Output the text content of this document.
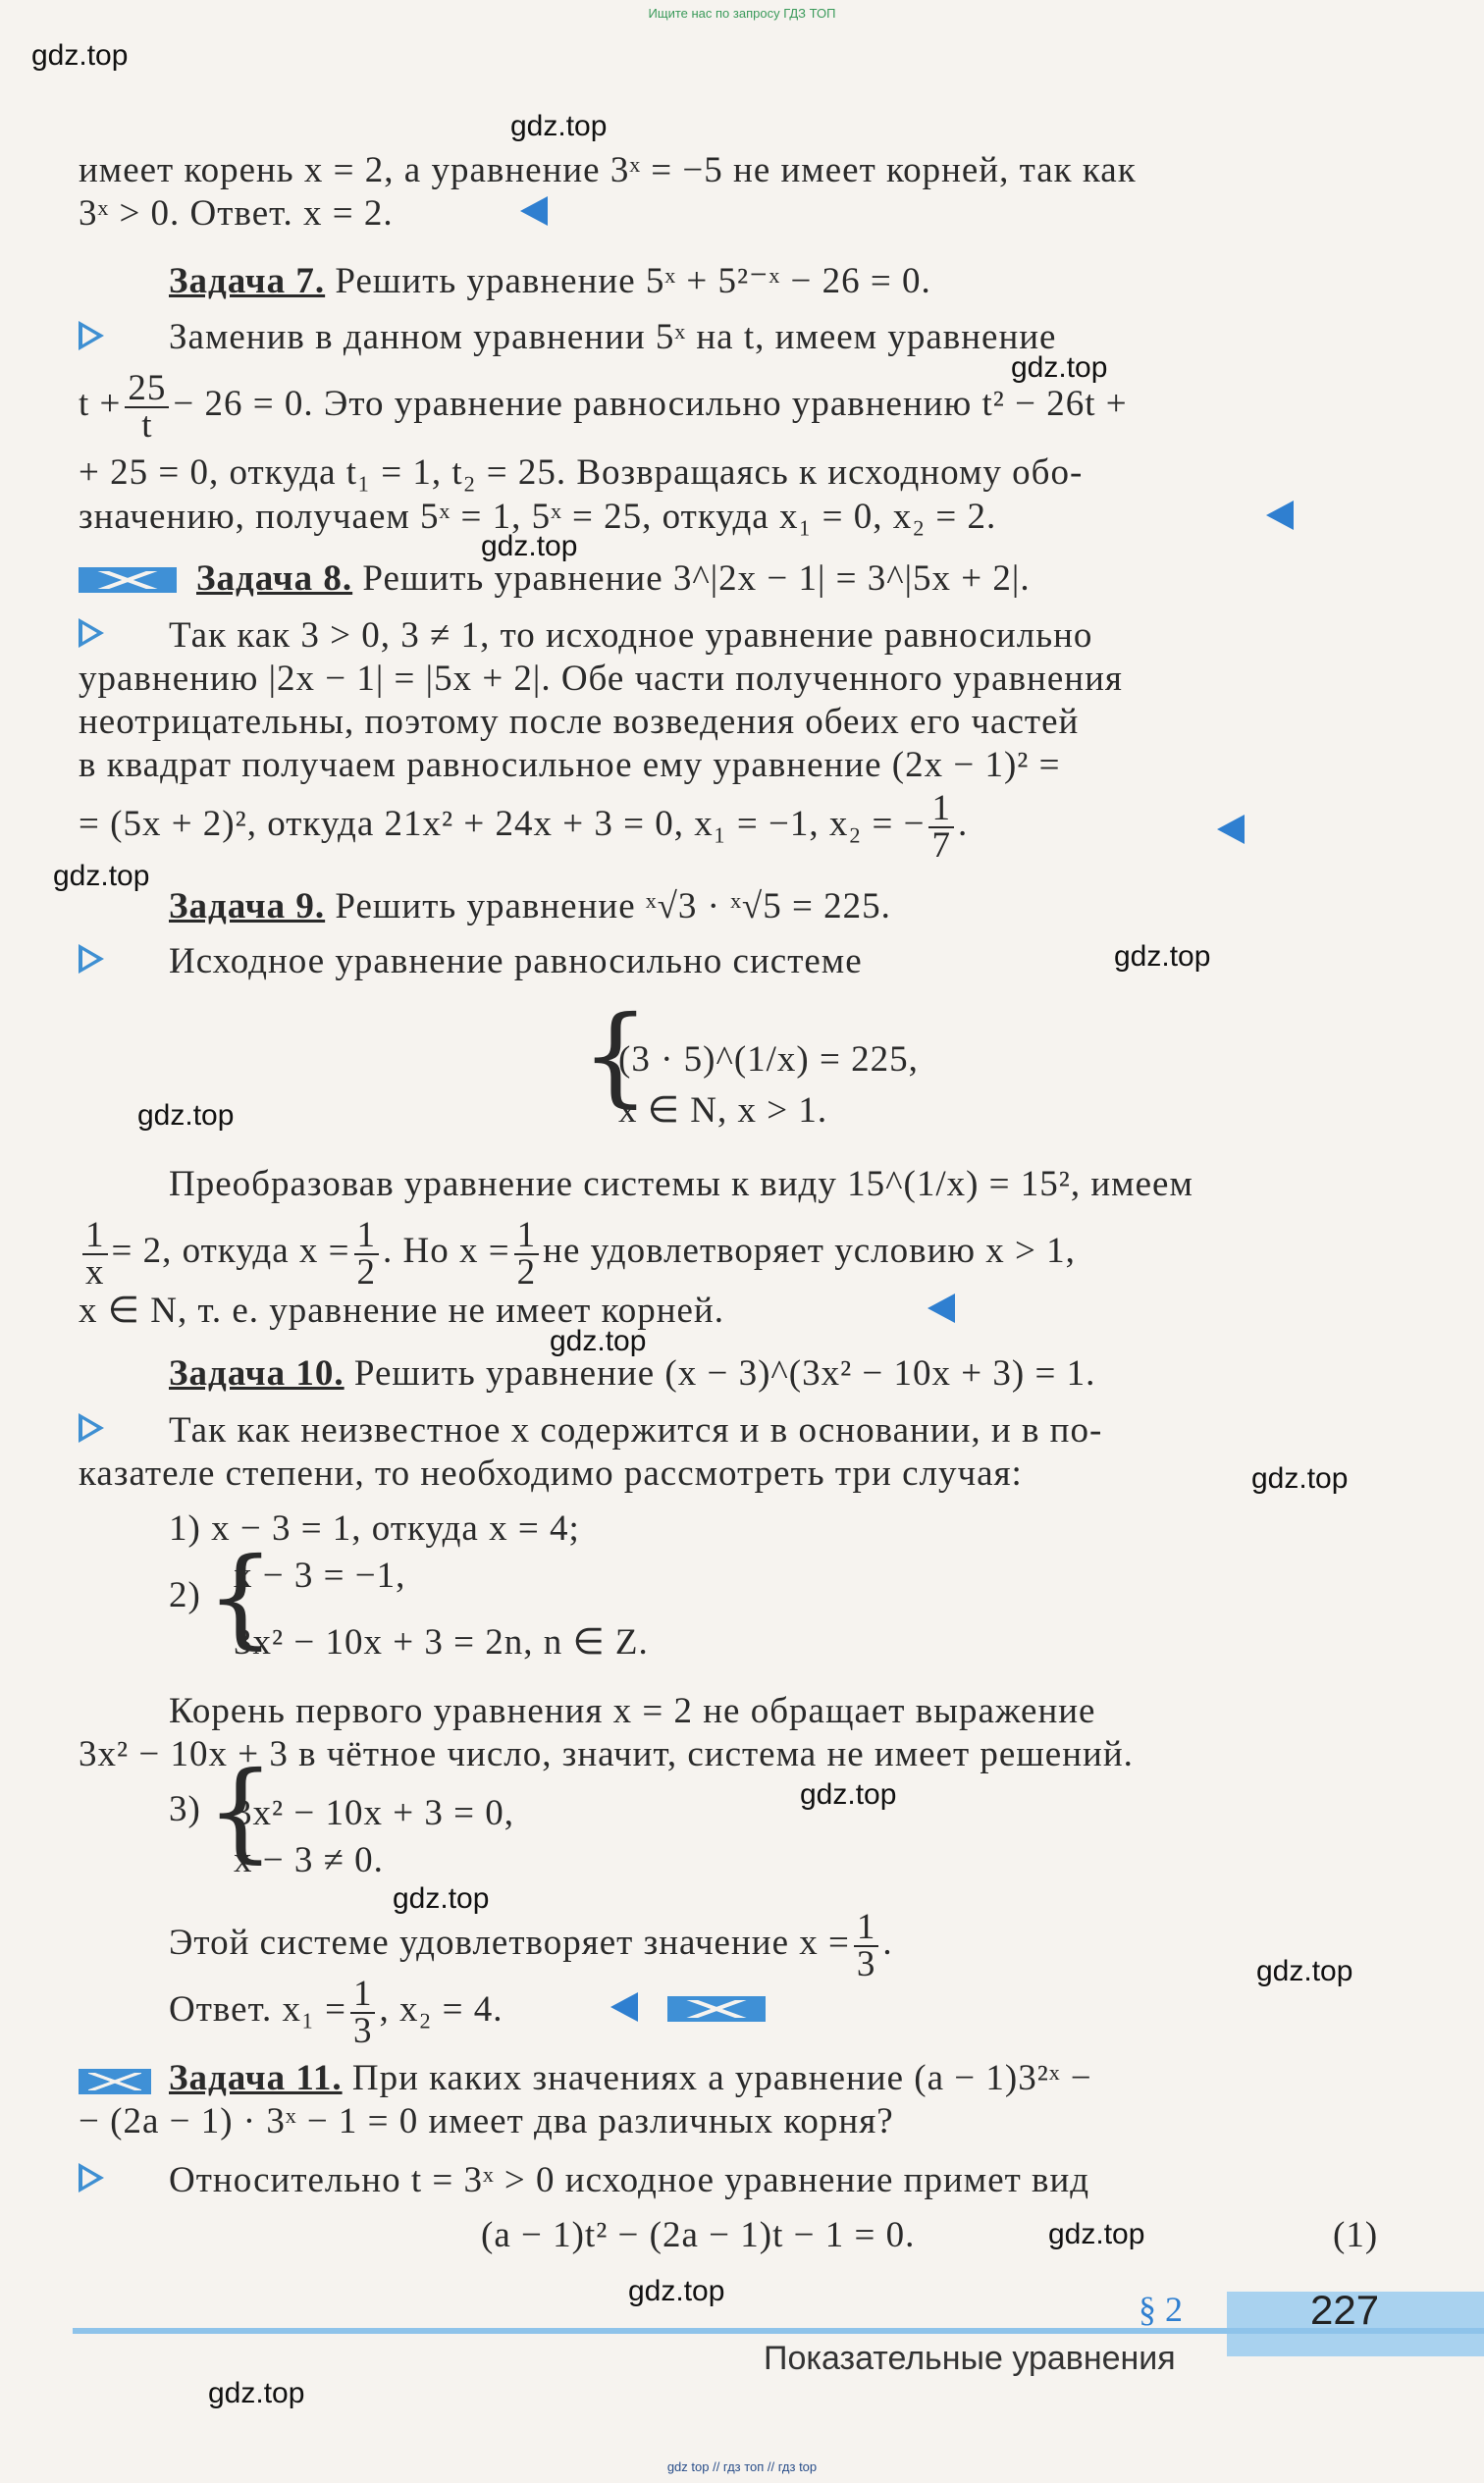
Ищите нас по запросу ГДЗ ТОП
gdz.top
gdz.top
gdz.top
gdz.top
gdz.top
gdz.top
gdz.top
gdz.top
gdz.top
gdz.top
gdz.top
gdz.top
gdz.top
gdz.top
gdz.top
имеет корень x = 2, а уравнение 3ˣ = −5 не имеет корней, так как
3ˣ > 0. Ответ. x = 2.
Задача 7. Решить уравнение 5ˣ + 5²⁻ˣ − 26 = 0.
Заменив в данном уравнении 5ˣ на t, имеем уравнение
$t + \frac{25}{t} - 26 = 0$. Это уравнение равносильно уравнению t² − 26t +
+ 25 = 0, откуда t₁ = 1, t₂ = 25. Возвращаясь к исходному обо-
значению, получаем 5ˣ = 1, 5ˣ = 25, откуда x₁ = 0, x₂ = 2.
Задача 8. Решить уравнение 3^|2x − 1| = 3^|5x + 2|.
Так как 3 > 0, 3 ≠ 1, то исходное уравнение равносильно
уравнению |2x − 1| = |5x + 2|. Обе части полученного уравнения
неотрицательны, поэтому после возведения обеих его частей
в квадрат получаем равносильное ему уравнение (2x − 1)² =
= (5x + 2)², откуда 21x² + 24x + 3 = 0, x₁ = −1, x₂ = − $\frac{1}{7}$ .
Задача 9. Решить уравнение ˣ√3 · ˣ√5 = 225.
Исходное уравнение равносильно системе
{
(3 · 5)^(1/x) = 225,
x ∈ N, x > 1.
Преобразовав уравнение системы к виду 15^(1/x) = 15², имеем
$\frac{1}{x} = 2$, откуда $x = \frac{1}{2}$ . Но $x = \frac{1}{2}$ не удовлетворяет условию x > 1,
x ∈ N, т. е. уравнение не имеет корней.
Задача 10. Решить уравнение (x − 3)^(3x² − 10x + 3) = 1.
Так как неизвестное x содержится и в основании, и в по-
казателе степени, то необходимо рассмотреть три случая:
1) x − 3 = 1, откуда x = 4;
2) {
x − 3 = −1,
3x² − 10x + 3 = 2n, n ∈ Z.
Корень первого уравнения x = 2 не обращает выражение
3x² − 10x + 3 в чётное число, значит, система не имеет решений.
3) {
3x² − 10x + 3 = 0,
x − 3 ≠ 0.
Этой системе удовлетворяет значение $x = \frac{1}{3}$ .
Ответ. $x_1 = \frac{1}{3}$ , x₂ = 4.
Задача 11. При каких значениях a уравнение (a − 1)3²ˣ −
− (2a − 1) · 3ˣ − 1 = 0 имеет два различных корня?
Относительно t = 3ˣ > 0 исходное уравнение примет вид
(a − 1)t² − (2a − 1)t − 1 = 0.	(1)
§ 2	227
Показательные уравнения
gdz top // гдз топ // гдз top
